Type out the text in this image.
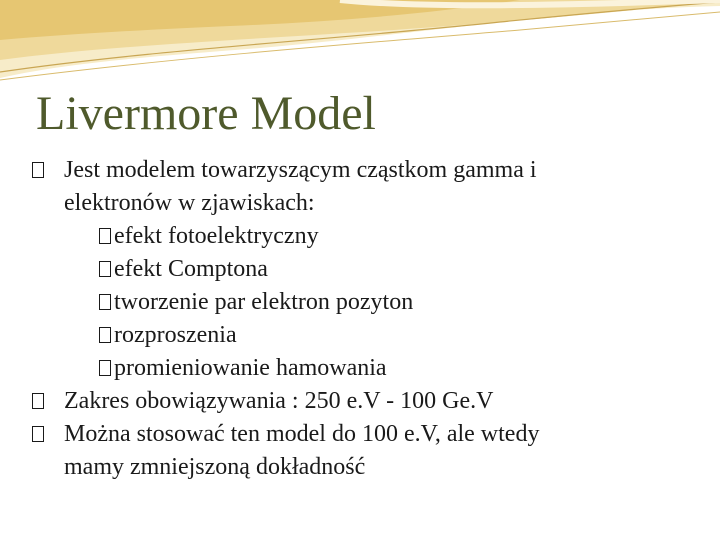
Livermore Model
Jest modelem towarzyszącym cząstkom gamma i
elektronów w zjawiskach:
efekt fotoelektryczny
efekt Comptona
tworzenie par elektron pozyton
rozproszenia
promieniowanie hamowania
Zakres obowiązywania : 250 e.V - 100 Ge.V
Można stosować ten model do 100 e.V, ale wtedy
mamy zmniejszoną dokładność
